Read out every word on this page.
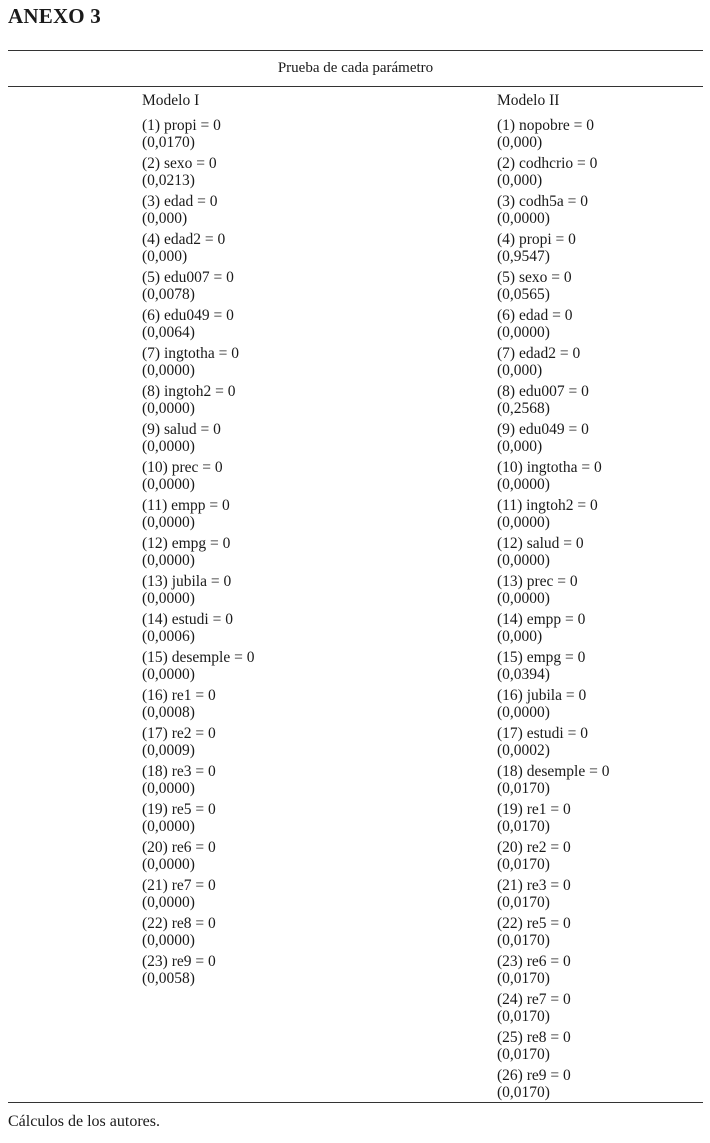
ANEXO 3
Prueba de cada parámetro
Modelo I
(1) propi = 0
(0,0170)
(2) sexo = 0
(0,0213)
(3) edad = 0
(0,000)
(4) edad2 = 0
(0,000)
(5) edu007 = 0
(0,0078)
(6) edu049 = 0
(0,0064)
(7) ingtotha = 0
(0,0000)
(8) ingtoh2 = 0
(0,0000)
(9) salud = 0
(0,0000)
(10) prec = 0
(0,0000)
(11) empp = 0
(0,0000)
(12) empg = 0
(0,0000)
(13) jubila = 0
(0,0000)
(14) estudi = 0
(0,0006)
(15) desemple = 0
(0,0000)
(16) re1 = 0
(0,0008)
(17) re2 = 0
(0,0009)
(18) re3 = 0
(0,0000)
(19) re5 = 0
(0,0000)
(20) re6 = 0
(0,0000)
(21) re7 = 0
(0,0000)
(22) re8 = 0
(0,0000)
(23) re9 = 0
(0,0058)
Modelo II
(1) nopobre = 0
(0,000)
(2) codhcrio = 0
(0,000)
(3) codh5a = 0
(0,0000)
(4) propi = 0
(0,9547)
(5) sexo = 0
(0,0565)
(6) edad = 0
(0,0000)
(7) edad2 = 0
(0,000)
(8) edu007 = 0
(0,2568)
(9) edu049 = 0
(0,000)
(10) ingtotha = 0
(0,0000)
(11) ingtoh2 = 0
(0,0000)
(12) salud = 0
(0,0000)
(13) prec = 0
(0,0000)
(14) empp = 0
(0,000)
(15) empg = 0
(0,0394)
(16) jubila = 0
(0,0000)
(17) estudi = 0
(0,0002)
(18) desemple = 0
(0,0170)
(19) re1 = 0
(0,0170)
(20) re2 = 0
(0,0170)
(21) re3 = 0
(0,0170)
(22) re5 = 0
(0,0170)
(23) re6 = 0
(0,0170)
(24) re7 = 0
(0,0170)
(25) re8 = 0
(0,0170)
(26) re9 = 0
(0,0170)
Cálculos de los autores.
